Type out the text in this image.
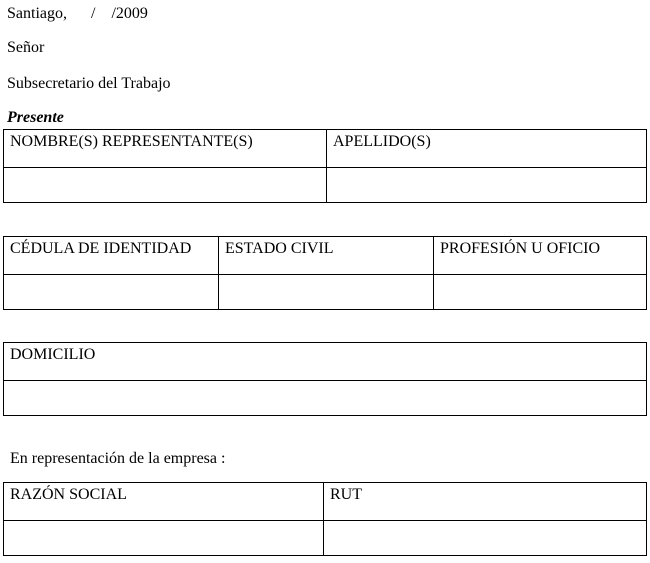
Santiago,      /    /2009
Señor
Subsecretario del Trabajo
Presente
NOMBRE(S) REPRESENTANTE(S)	APELLIDO(S)

CÉDULA DE IDENTIDAD	ESTADO CIVIL	PROFESIÓN U OFICIO

DOMICILIO

En representación de la empresa :
RAZÓN SOCIAL	RUT
